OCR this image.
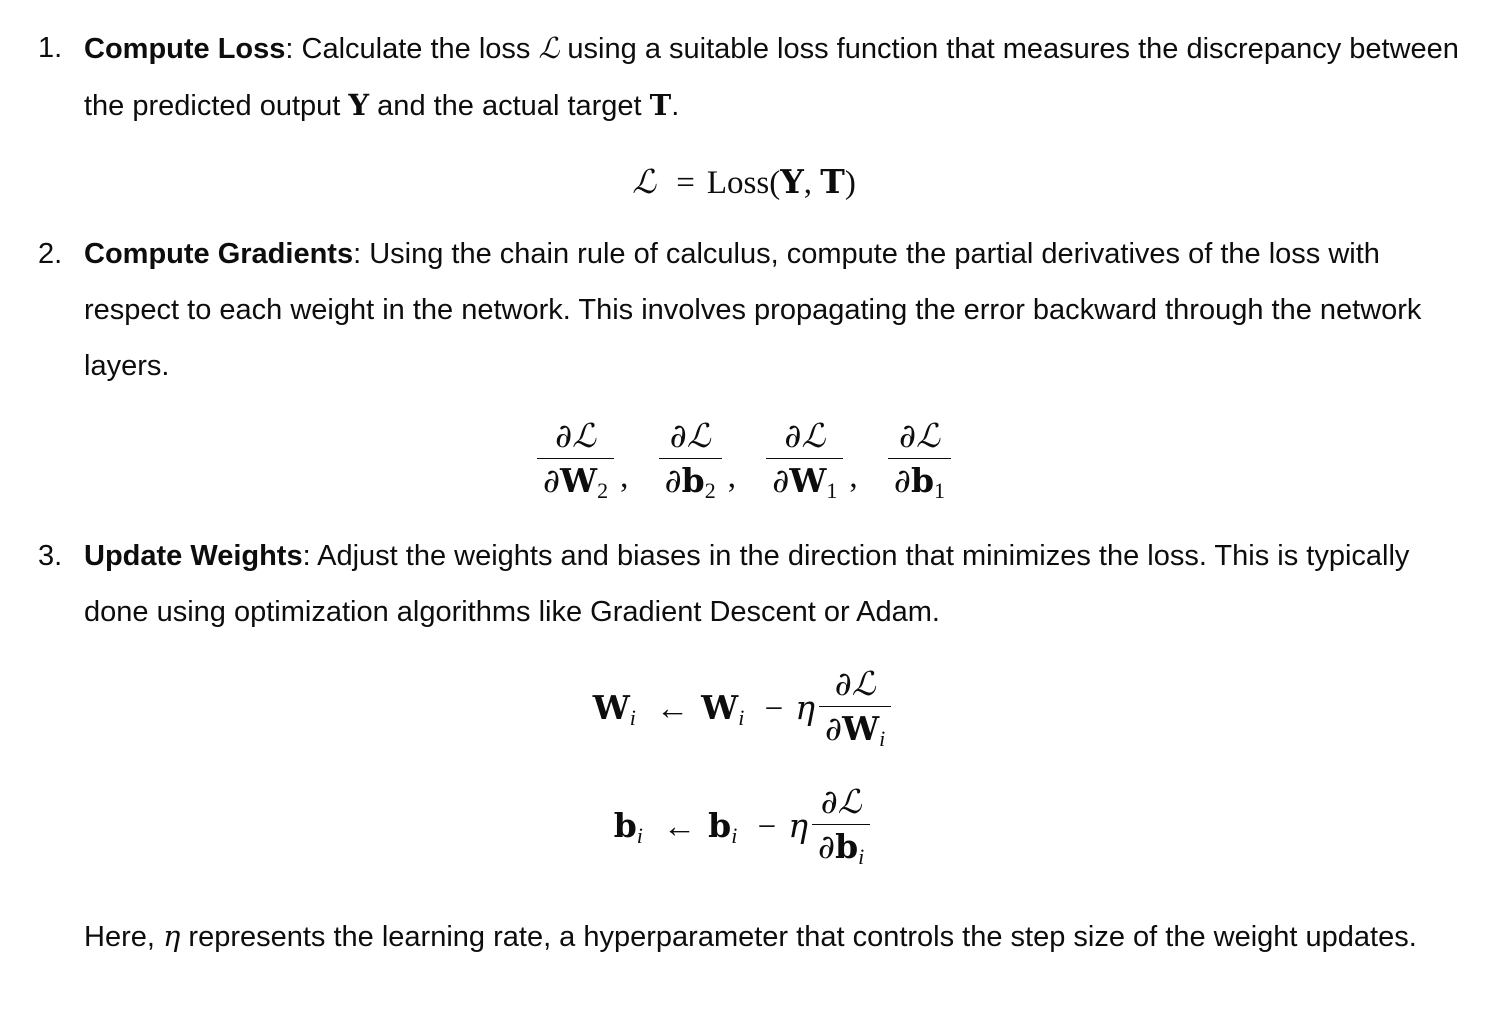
1. Compute Loss: Calculate the loss ℒ using a suitable loss function that measures the discrepancy between the predicted output Y and the actual target T.
ℒ = Loss(Y, T)
2. Compute Gradients: Using the chain rule of calculus, compute the partial derivatives of the loss with respect to each weight in the network. This involves propagating the error backward through the network layers.
$\frac{\text{∂ℒ}}{\partial W_2}$ , $\frac{\text{∂ℒ}}{\partial b_2}$ , $\frac{\text{∂ℒ}}{\partial W_1}$ , $\frac{\text{∂ℒ}}{\partial b_1}$
3. Update Weights: Adjust the weights and biases in the direction that minimizes the loss. This is typically done using optimization algorithms like Gradient Descent or Adam.
$W_i$ ← $W_i - \eta \frac{\text{∂ℒ}}{\partial W_i}$
$b_i$ ← $b_i - \eta \frac{\text{∂ℒ}}{\partial b_i}$
Here, η represents the learning rate, a hyperparameter that controls the step size of the weight updates.
